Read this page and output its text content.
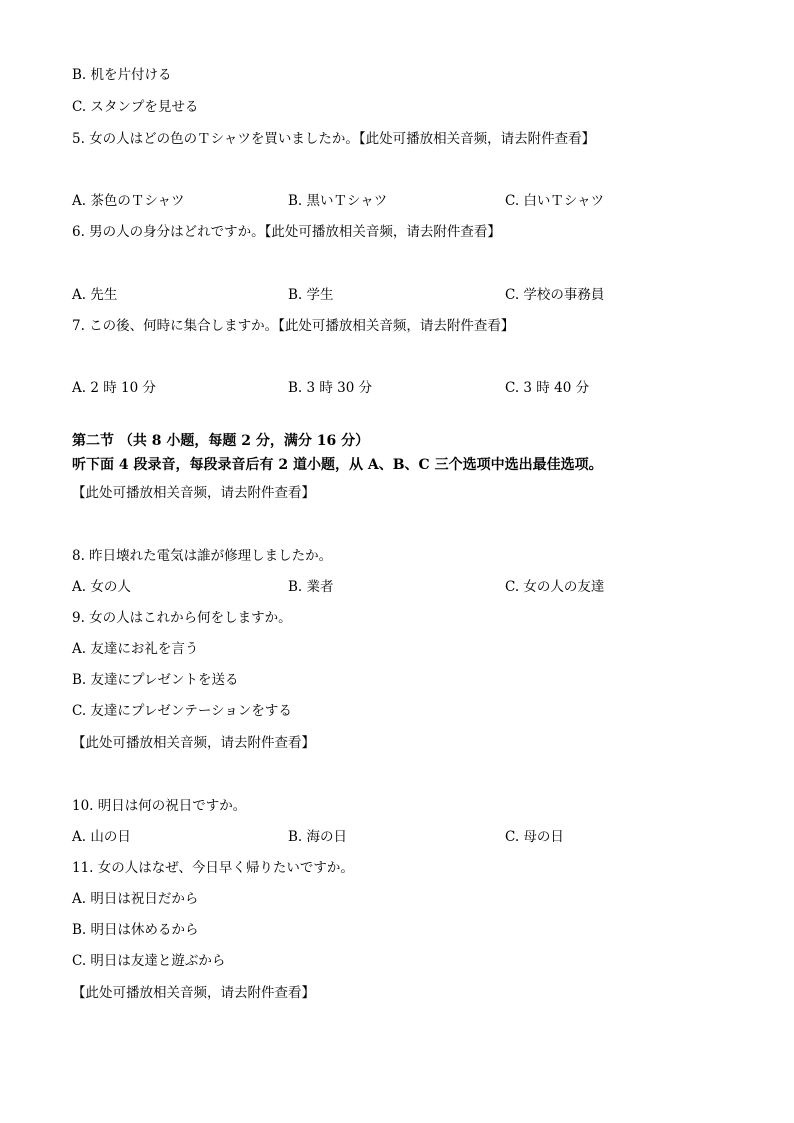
B. 机を片付ける
C. スタンプを見せる
5. 女の人はどの色のＴシャツを買いましたか。【此处可播放相关音频，请去附件查看】
A. 茶色のＴシャツ	B. 黒いＴシャツ	C. 白いＴシャツ
6. 男の人の身分はどれですか。【此处可播放相关音频，请去附件查看】
A. 先生	B. 学生	C. 学校の事務員
7. この後、何時に集合しますか。【此处可播放相关音频，请去附件查看】
A. 2 時 10 分	B. 3 時 30 分	C. 3 時 40 分
第二节 （共 8 小题，每题 2 分，满分 16 分）
听下面 4 段录音，每段录音后有 2 道小题，从 A、B、C 三个选项中选出最佳选项。
【此处可播放相关音频，请去附件查看】
8. 昨日壊れた電気は誰が修理しましたか。
A. 女の人	B. 業者	C. 女の人の友達
9. 女の人はこれから何をしますか。
A. 友達にお礼を言う
B. 友達にプレゼントを送る
C. 友達にプレゼンテーションをする
【此处可播放相关音频，请去附件查看】
10. 明日は何の祝日ですか。
A. 山の日	B. 海の日	C. 母の日
11. 女の人はなぜ、今日早く帰りたいですか。
A. 明日は祝日だから
B. 明日は休めるから
C. 明日は友達と遊ぶから
【此处可播放相关音频，请去附件查看】
